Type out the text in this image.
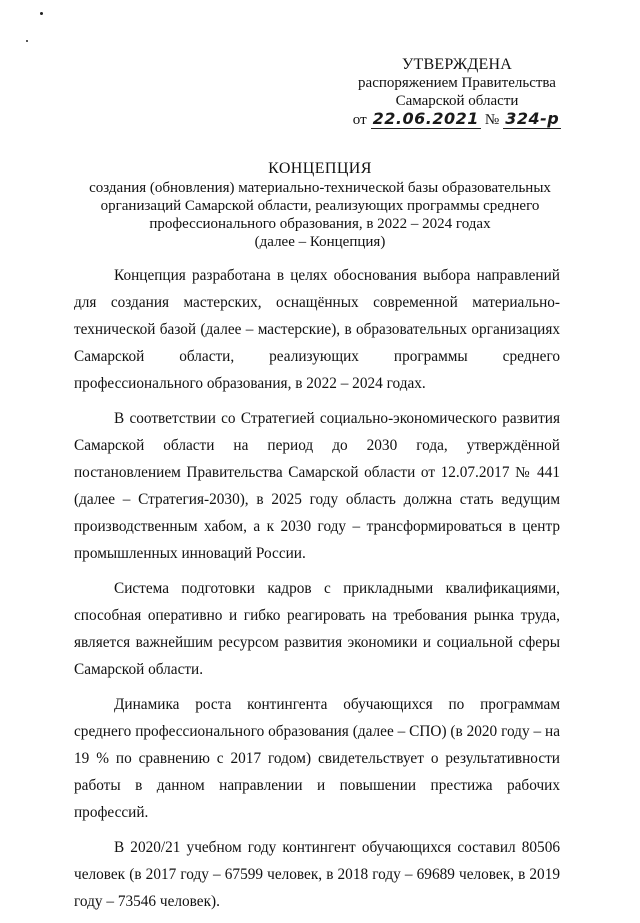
УТВЕРЖДЕНА
распоряжением Правительства
Самарской области
от 22.06.2021 № 324-р
КОНЦЕПЦИЯ
создания (обновления) материально-технической базы образовательных
организаций Самарской области, реализующих программы среднего
профессионального образования, в 2022 – 2024 годах
(далее – Концепция)

Концепция разработана в целях обоснования выбора направлений для создания мастерских, оснащённых современной материально-технической базой (далее – мастерские), в образовательных организациях Самарской области, реализующих программы среднего профессионального образования, в 2022 – 2024 годах.

В соответствии со Стратегией социально-экономического развития Самарской области на период до 2030 года, утверждённой постановлением Правительства Самарской области от 12.07.2017 № 441 (далее – Стратегия-2030), в 2025 году область должна стать ведущим производственным хабом, а к 2030 году – трансформироваться в центр промышленных инноваций России.

Система подготовки кадров с прикладными квалификациями, способная оперативно и гибко реагировать на требования рынка труда, является важнейшим ресурсом развития экономики и социальной сферы Самарской области.

Динамика роста контингента обучающихся по программам среднего профессионального образования (далее – СПО) (в 2020 году – на 19 % по сравнению с 2017 годом) свидетельствует о результативности работы в данном направлении и повышении престижа рабочих профессий.

В 2020/21 учебном году контингент обучающихся составил 80506 человек (в 2017 году – 67599 человек, в 2018 году – 69689 человек, в 2019 году – 73546 человек).
